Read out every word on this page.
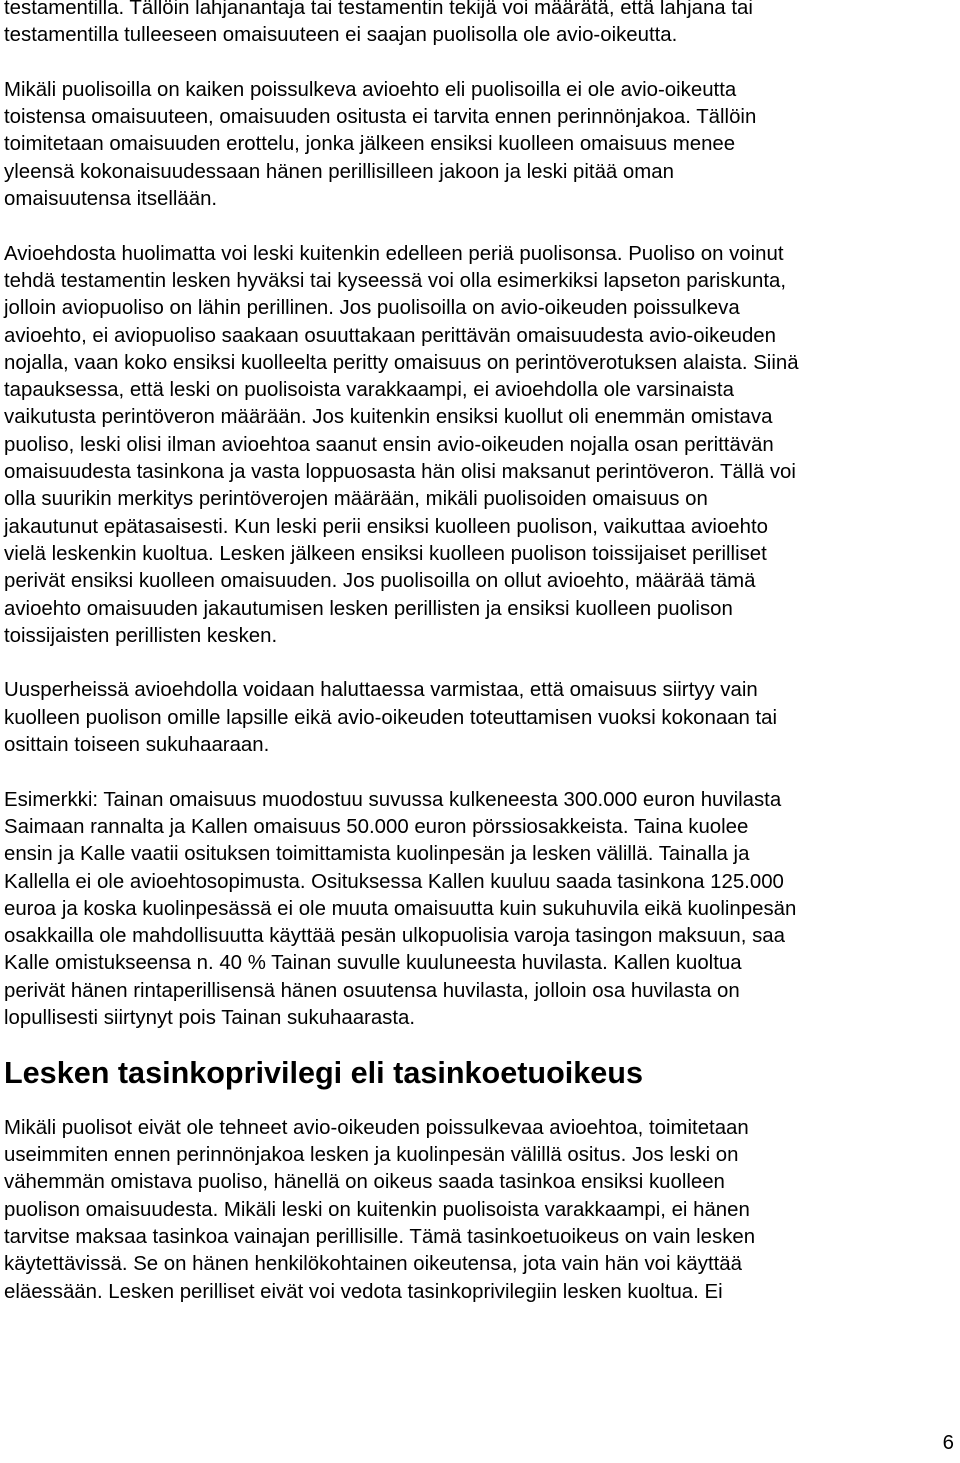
testamentilla. Tällöin lahjanantaja tai testamentin tekijä voi määrätä, että lahjana tai
testamentilla tulleeseen omaisuuteen ei saajan puolisolla ole avio-oikeutta.

Mikäli puolisoilla on kaiken poissulkeva avioehto eli puolisoilla ei ole avio-oikeutta
toistensa omaisuuteen, omaisuuden ositusta ei tarvita ennen perinnönjakoa. Tällöin
toimitetaan omaisuuden erottelu, jonka jälkeen ensiksi kuolleen omaisuus menee
yleensä kokonaisuudessaan hänen perillisilleen jakoon ja leski pitää oman
omaisuutensa itsellään.

Avioehdosta huolimatta voi leski kuitenkin edelleen periä puolisonsa. Puoliso on voinut
tehdä testamentin lesken hyväksi tai kyseessä voi olla esimerkiksi lapseton pariskunta,
jolloin aviopuoliso on lähin perillinen. Jos puolisoilla on avio-oikeuden poissulkeva
avioehto, ei aviopuoliso saakaan osuuttakaan perittävän omaisuudesta avio-oikeuden
nojalla, vaan koko ensiksi kuolleelta peritty omaisuus on perintöverotuksen alaista. Siinä
tapauksessa, että leski on puolisoista varakkaampi, ei avioehdolla ole varsinaista
vaikutusta perintöveron määrään. Jos kuitenkin ensiksi kuollut oli enemmän omistava
puoliso, leski olisi ilman avioehtoa saanut ensin avio-oikeuden nojalla osan perittävän
omaisuudesta tasinkona ja vasta loppuosasta hän olisi maksanut perintöveron. Tällä voi
olla suurikin merkitys perintöverojen määrään, mikäli puolisoiden omaisuus on
jakautunut epätasaisesti. Kun leski perii ensiksi kuolleen puolison, vaikuttaa avioehto
vielä leskenkin kuoltua. Lesken jälkeen ensiksi kuolleen puolison toissijaiset perilliset
perivät ensiksi kuolleen omaisuuden. Jos puolisoilla on ollut avioehto, määrää tämä
avioehto omaisuuden jakautumisen lesken perillisten ja ensiksi kuolleen puolison
toissijaisten perillisten kesken.

Uusperheissä avioehdolla voidaan haluttaessa varmistaa, että omaisuus siirtyy vain
kuolleen puolison omille lapsille eikä avio-oikeuden toteuttamisen vuoksi kokonaan tai
osittain toiseen sukuhaaraan.

Esimerkki: Tainan omaisuus muodostuu suvussa kulkeneesta 300.000 euron huvilasta
Saimaan rannalta ja Kallen omaisuus 50.000 euron pörssiosakkeista. Taina kuolee
ensin ja Kalle vaatii osituksen toimittamista kuolinpesän ja lesken välillä. Tainalla ja
Kallella ei ole avioehtosopimusta. Osituksessa Kallen kuuluu saada tasinkona 125.000
euroa ja koska kuolinpesässä ei ole muuta omaisuutta kuin sukuhuvila eikä kuolinpesän
osakkailla ole mahdollisuutta käyttää pesän ulkopuolisia varoja tasingon maksuun, saa
Kalle omistukseensa n. 40 % Tainan suvulle kuuluneesta huvilasta. Kallen kuoltua
perivät hänen rintaperillisensä hänen osuutensa huvilasta, jolloin osa huvilasta on
lopullisesti siirtynyt pois Tainan sukuhaarasta.

Lesken tasinkoprivilegi eli tasinkoetuoikeus

Mikäli puolisot eivät ole tehneet avio-oikeuden poissulkevaa avioehtoa, toimitetaan
useimmiten ennen perinnönjakoa lesken ja kuolinpesän välillä ositus. Jos leski on
vähemmän omistava puoliso, hänellä on oikeus saada tasinkoa ensiksi kuolleen
puolison omaisuudesta. Mikäli leski on kuitenkin puolisoista varakkaampi, ei hänen
tarvitse maksaa tasinkoa vainajan perillisille. Tämä tasinkoetuoikeus on vain lesken
käytettävissä. Se on hänen henkilökohtainen oikeutensa, jota vain hän voi käyttää
eläessään. Lesken perilliset eivät voi vedota tasinkoprivilegiin lesken kuoltua. Ei

6
